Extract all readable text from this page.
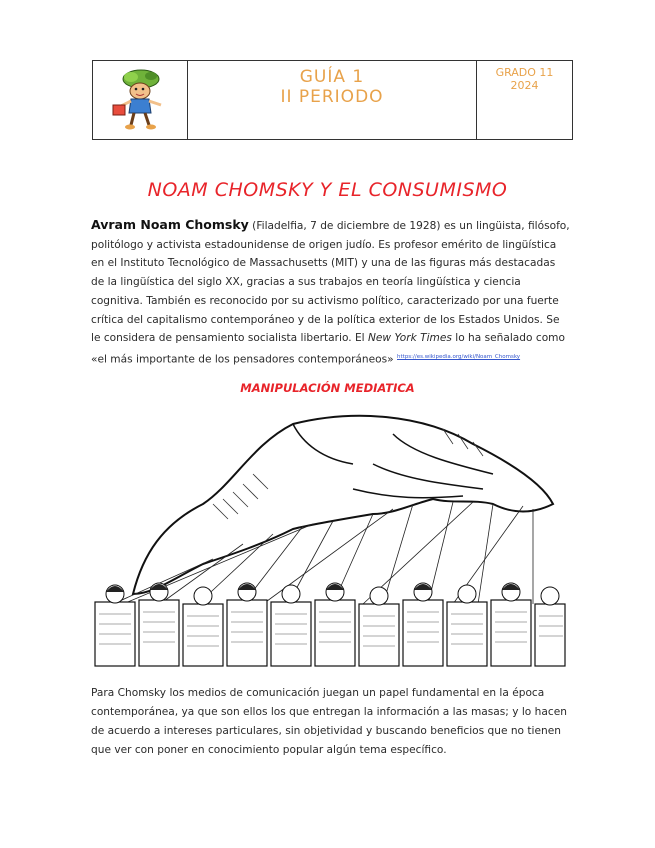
GUÍA 1
II PERIODO
GRADO 11
2024
NOAM CHOMSKY Y EL CONSUMISMO
Avram Noam Chomsky (Filadelfia, 7 de diciembre de 1928) es un lingüista, filósofo, politólogo y activista estadounidense de origen judío. Es profesor emérito de lingüística en el Instituto Tecnológico de Massachusetts (MIT) y una de las figuras más destacadas de la lingüística del siglo XX, gracias a sus trabajos en teoría lingüística y ciencia cognitiva. También es reconocido por su activismo político, caracterizado por una fuerte crítica del capitalismo contemporáneo y de la política exterior de los Estados Unidos. Se le considera de pensamiento socialista libertario. El New York Times lo ha señalado como «el más importante de los pensadores contemporáneos» $^{https://es.wikipedia.org/wiki/Noam\_Chomsky}$
MANIPULACIÓN MEDIATICA
Para Chomsky los medios de comunicación juegan un papel fundamental en la época contemporánea, ya que son ellos los que entregan la información a las masas; y lo hacen de acuerdo a intereses particulares, sin objetividad y buscando beneficios que no tienen que ver con poner en conocimiento popular algún tema específico.
